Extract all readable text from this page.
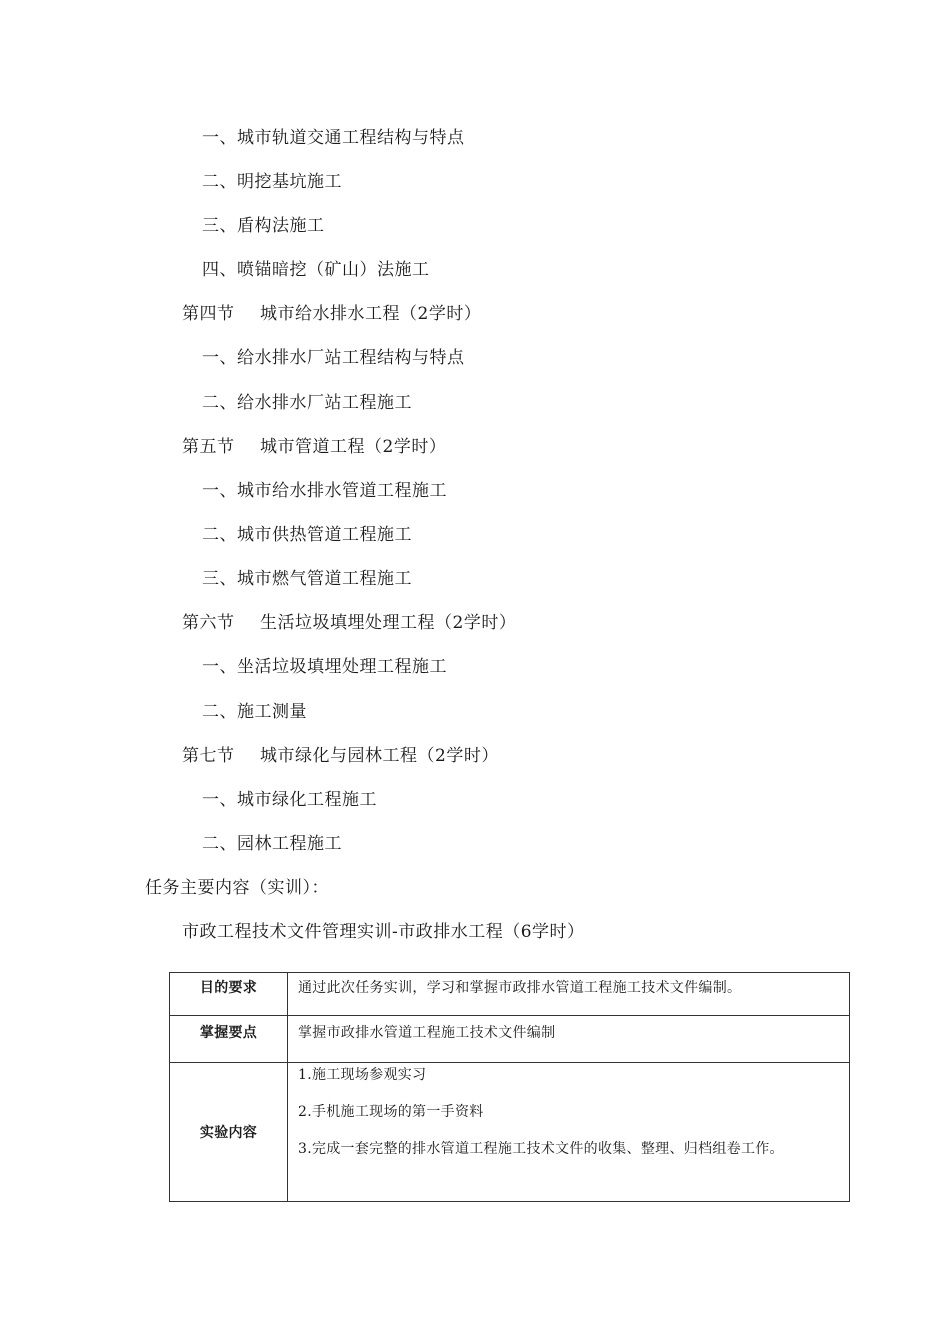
一、城市轨道交通工程结构与特点
二、明挖基坑施工
三、盾构法施工
四、喷锚暗挖（矿山）法施工
第四节 城市给水排水工程（2学时）
一、给水排水厂站工程结构与特点
二、给水排水厂站工程施工
第五节 城市管道工程（2学时）
一、城市给水排水管道工程施工
二、城市供热管道工程施工
三、城市燃气管道工程施工
第六节 生活垃圾填埋处理工程（2学时）
一、坐活垃圾填埋处理工程施工
二、施工测量
第七节 城市绿化与园林工程（2学时）
一、城市绿化工程施工
二、园林工程施工
任务主要内容（实训）：
市政工程技术文件管理实训-市政排水工程（6学时）
目的要求	通过此次任务实训，学习和掌握市政排水管道工程施工技术文件编制。
掌握要点	掌握市政排水管道工程施工技术文件编制
实验内容	1.施工现场参观实习
2.手机施工现场的第一手资料
3.完成一套完整的排水管道工程施工技术文件的收集、整理、归档组卷工作。
